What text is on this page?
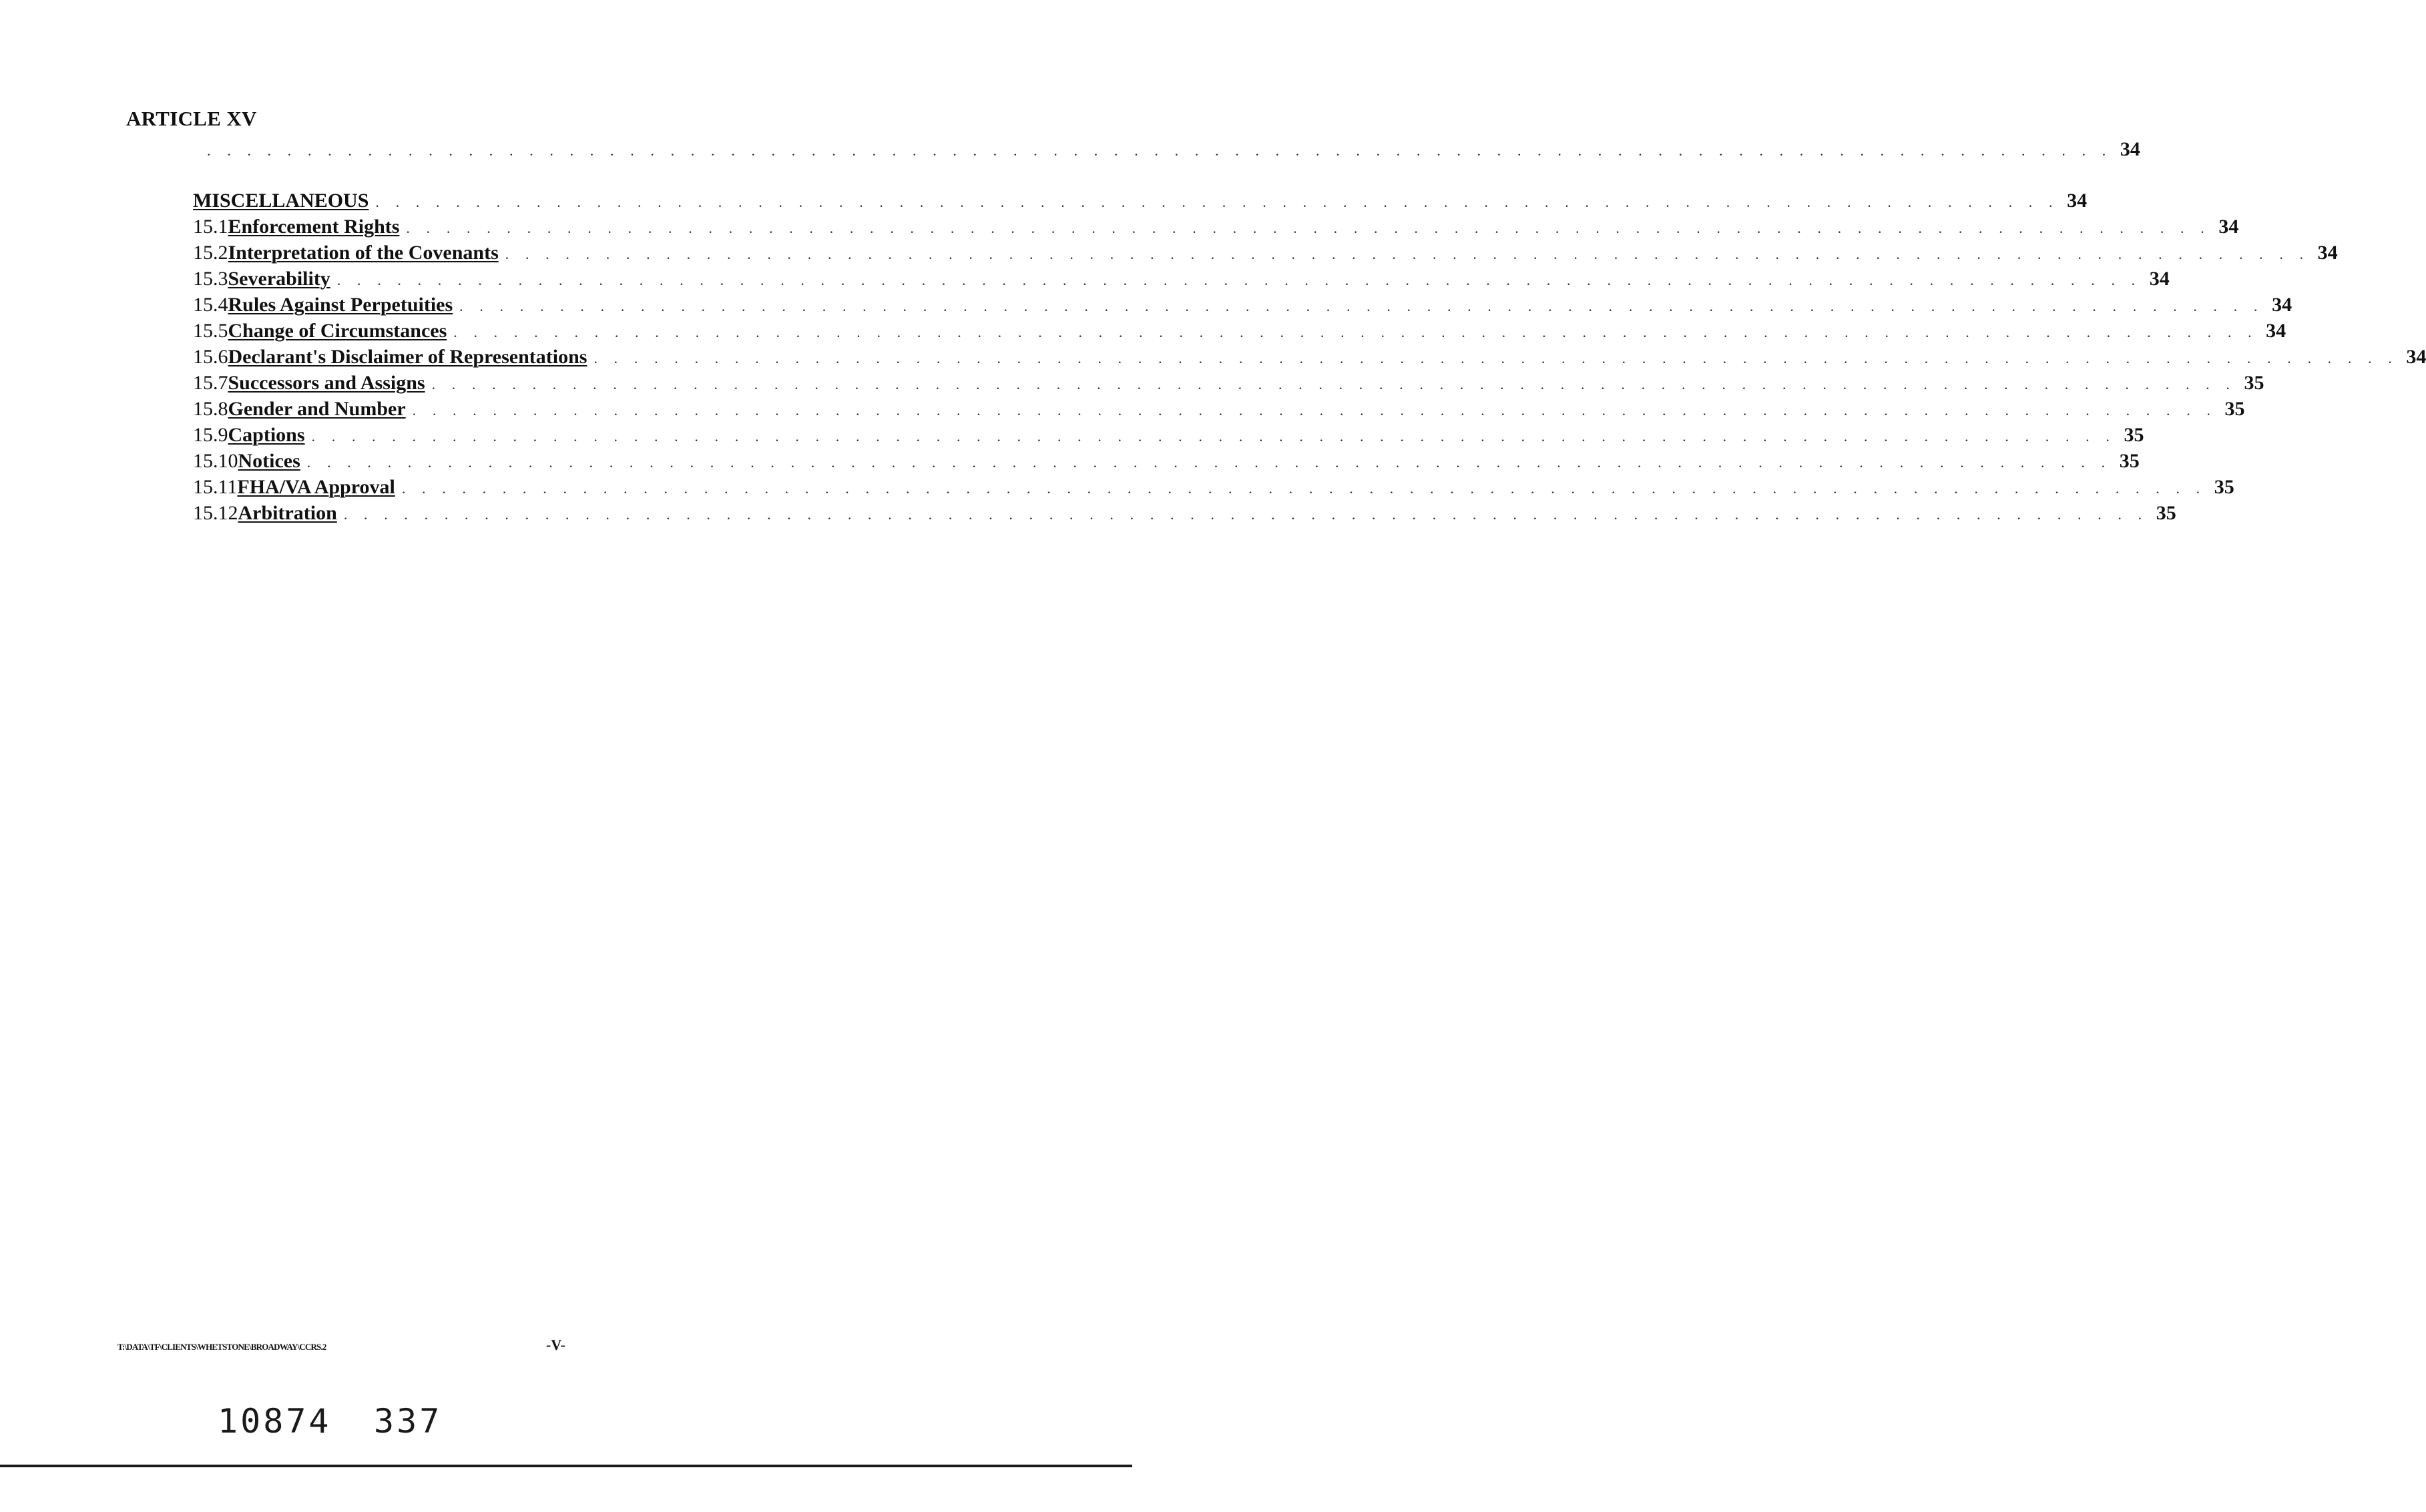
ARTICLE XV
. . . . . . . . . . . . . . . . . . . . . . . . . . . . . . . . . . . . . . . . . . . . . . . . . . . . . . . . . . . . . . . . . . . . . . . . . . . . . . . . . . . . . . . . . . . . . . . 34
MISCELLANEOUS . . . . . . . . . . . . . . . . . . . . . . . . . . . . . . . . . . . . . . . . . . . . . . . . . . . . . . . . . . . . . . . . . . . . . . . . . . . . . . . . . . . . 34
15.1 Enforcement Rights . . . . . . . . . . . . . . . . . . . . . . . . . . . . . . . . . . . . . . . . . . . . . . . . . . . . . . . . . . . . . . . . . . . . . . . . . . . . . . . . . . . . . . . . . . 34
15.2 Interpretation of the Covenants . . . . . . . . . . . . . . . . . . . . . . . . . . . . . . . . . . . . . . . . . . . . . . . . . . . . . . . . . . . . . . . . . . . . . . . . . . . . . . . . . . . . . . . . . . 34
15.3 Severability . . . . . . . . . . . . . . . . . . . . . . . . . . . . . . . . . . . . . . . . . . . . . . . . . . . . . . . . . . . . . . . . . . . . . . . . . . . . . . . . . . . . . . . . . . 34
15.4 Rules Against Perpetuities . . . . . . . . . . . . . . . . . . . . . . . . . . . . . . . . . . . . . . . . . . . . . . . . . . . . . . . . . . . . . . . . . . . . . . . . . . . . . . . . . . . . . . . . . . 34
15.5 Change of Circumstances . . . . . . . . . . . . . . . . . . . . . . . . . . . . . . . . . . . . . . . . . . . . . . . . . . . . . . . . . . . . . . . . . . . . . . . . . . . . . . . . . . . . . . . . . . 34
15.6 Declarant's Disclaimer of Representations . . . . . . . . . . . . . . . . . . . . . . . . . . . . . . . . . . . . . . . . . . . . . . . . . . . . . . . . . . . . . . . . . . . . . . . . . . . . . . . . . . . . . . . . . . 34
15.7 Successors and Assigns . . . . . . . . . . . . . . . . . . . . . . . . . . . . . . . . . . . . . . . . . . . . . . . . . . . . . . . . . . . . . . . . . . . . . . . . . . . . . . . . . . . . . . . . . . 35
15.8 Gender and Number . . . . . . . . . . . . . . . . . . . . . . . . . . . . . . . . . . . . . . . . . . . . . . . . . . . . . . . . . . . . . . . . . . . . . . . . . . . . . . . . . . . . . . . . . . 35
15.9 Captions . . . . . . . . . . . . . . . . . . . . . . . . . . . . . . . . . . . . . . . . . . . . . . . . . . . . . . . . . . . . . . . . . . . . . . . . . . . . . . . . . . . . . . . . . . 35
15.10 Notices . . . . . . . . . . . . . . . . . . . . . . . . . . . . . . . . . . . . . . . . . . . . . . . . . . . . . . . . . . . . . . . . . . . . . . . . . . . . . . . . . . . . . . . . . . 35
15.11 FHA/VA Approval . . . . . . . . . . . . . . . . . . . . . . . . . . . . . . . . . . . . . . . . . . . . . . . . . . . . . . . . . . . . . . . . . . . . . . . . . . . . . . . . . . . . . . . . . . 35
15.12 Arbitration . . . . . . . . . . . . . . . . . . . . . . . . . . . . . . . . . . . . . . . . . . . . . . . . . . . . . . . . . . . . . . . . . . . . . . . . . . . . . . . . . . . . . . . . . . 35
T:\DATA\TF\CLIENTS\WHETSTONE\BROADWAY\CCRS.2	-V-
10874 337
